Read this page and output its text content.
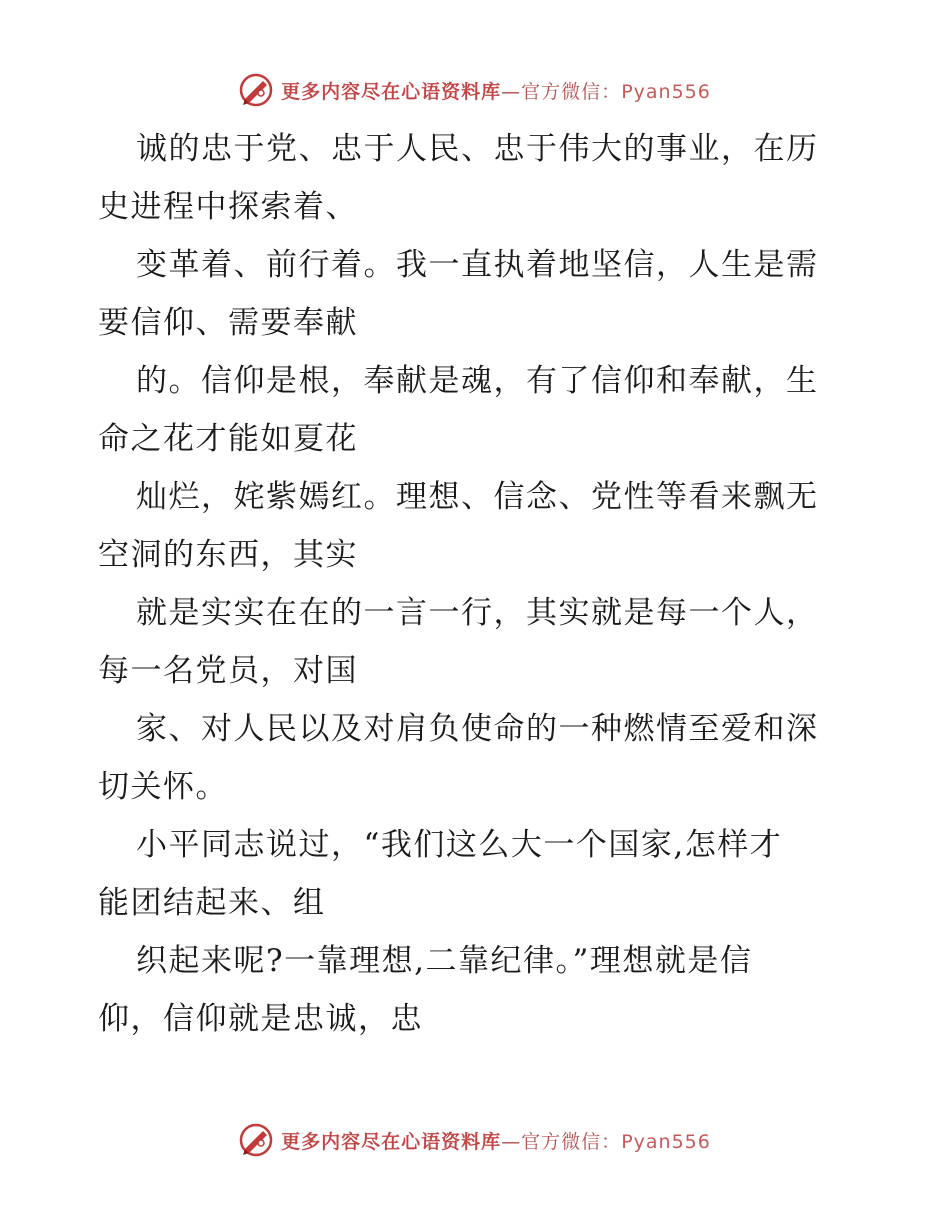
更多内容尽在心语资料库—官方微信：Pyan556
诚的忠于党、忠于人民、忠于伟大的事业，在历
史进程中探索着、
变革着、前行着。我一直执着地坚信，人生是需
要信仰、需要奉献
的。信仰是根，奉献是魂，有了信仰和奉献，生
命之花才能如夏花
灿烂，姹紫嫣红。理想、信念、党性等看来飘无
空洞的东西，其实
就是实实在在的一言一行，其实就是每一个人，
每一名党员，对国
家、对人民以及对肩负使命的一种燃情至爱和深
切关怀。
小平同志说过，“我们这么大一个国家,怎样才
能团结起来、组
织起来呢?一靠理想,二靠纪律。”理想就是信
仰，信仰就是忠诚，忠
更多内容尽在心语资料库—官方微信：Pyan556
